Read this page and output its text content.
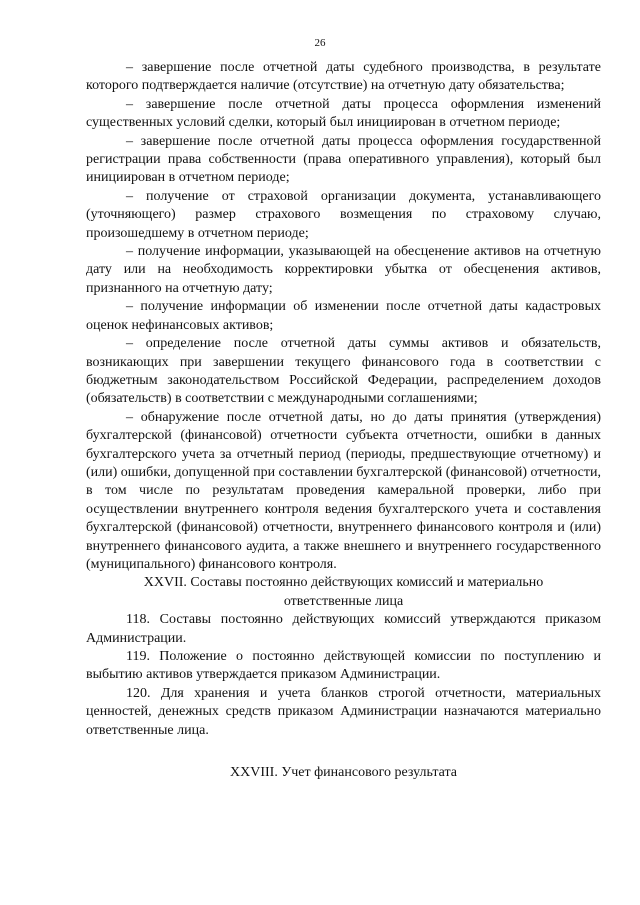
26

– завершение после отчетной даты судебного производства, в результате которого подтверждается наличие (отсутствие) на отчетную дату обязательства;

– завершение после отчетной даты процесса оформления изменений существенных условий сделки, который был инициирован в отчетном периоде;

– завершение после отчетной даты процесса оформления государственной регистрации права собственности (права оперативного управления), который был инициирован в отчетном периоде;

– получение от страховой организации документа, устанавливающего (уточняющего) размер страхового возмещения по страховому случаю, произошедшему в отчетном периоде;

– получение информации, указывающей на обесценение активов на отчетную дату или на необходимость корректировки убытка от обесценения активов, признанного на отчетную дату;

– получение информации об изменении после отчетной даты кадастровых оценок нефинансовых активов;

– определение после отчетной даты суммы активов и обязательств, возникающих при завершении текущего финансового года в соответствии с бюджетным законодательством Российской Федерации, распределением доходов (обязательств) в соответствии с международными соглашениями;

– обнаружение после отчетной даты, но до даты принятия (утверждения) бухгалтерской (финансовой) отчетности субъекта отчетности, ошибки в данных бухгалтерского учета за отчетный период (периоды, предшествующие отчетному) и (или) ошибки, допущенной при составлении бухгалтерской (финансовой) отчетности, в том числе по результатам проведения камеральной проверки, либо при осуществлении внутреннего контроля ведения бухгалтерского учета и составления бухгалтерской (финансовой) отчетности, внутреннего финансового контроля и (или) внутреннего финансового аудита, а также внешнего и внутреннего государственного (муниципального) финансового контроля.

XXVII. Составы постоянно действующих комиссий и материально ответственные лица

118. Составы постоянно действующих комиссий утверждаются приказом Администрации.

119. Положение о постоянно действующей комиссии по поступлению и выбытию активов утверждается приказом Администрации.

120. Для хранения и учета бланков строгой отчетности, материальных ценностей, денежных средств приказом Администрации назначаются материально ответственные лица.

XXVIII. Учет финансового результата
